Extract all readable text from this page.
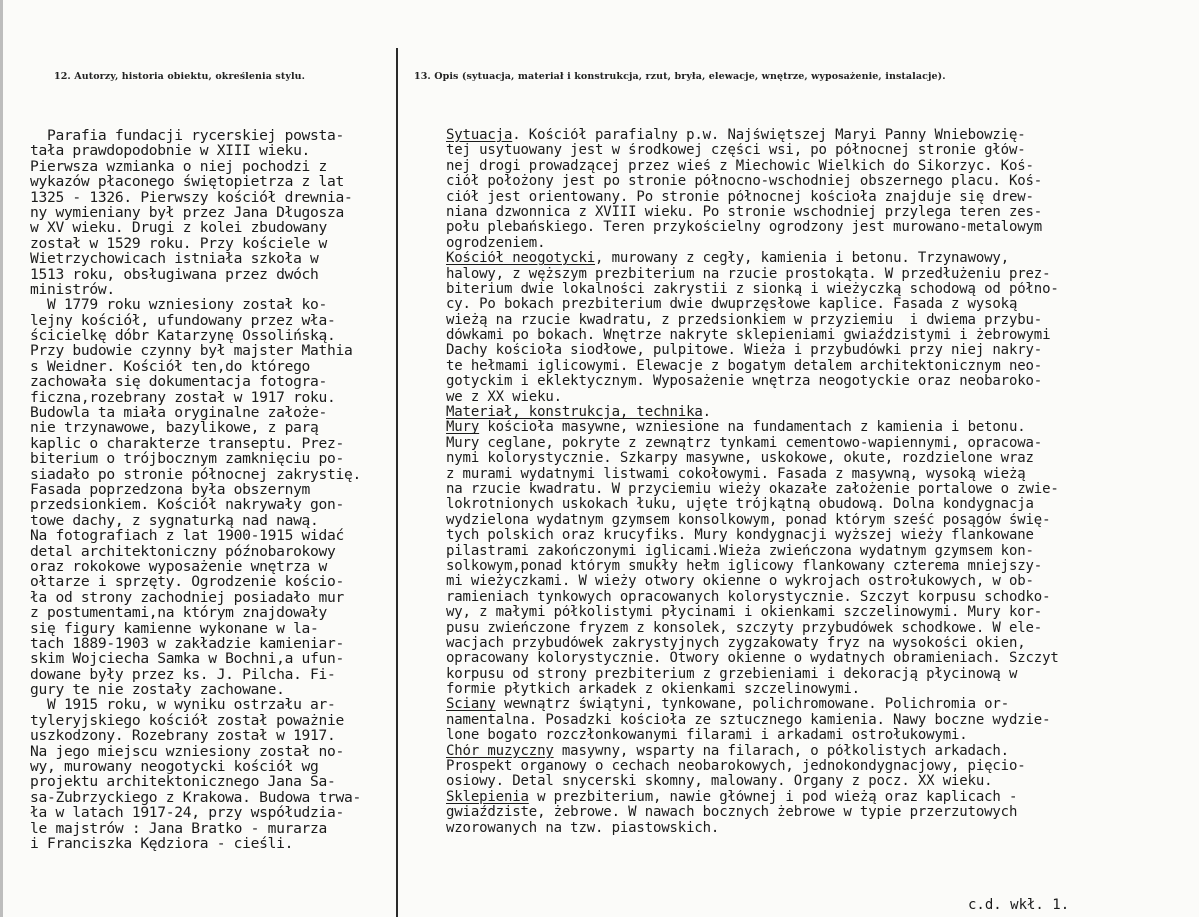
12. Autorzy, historia obiektu, określenia stylu.	13. Opis (sytuacja, materiał i konstrukcja, rzut, bryła, elewacje, wnętrze, wyposażenie, instalacje).
Parafia fundacji rycerskiej powsta-
tała prawdopodobnie w XIII wieku.
Pierwsza wzmianka o niej pochodzi z
wykazów płaconego świętopietrza z lat
1325 - 1326. Pierwszy kościół drewnia-
ny wymieniany był przez Jana Długosza
w XV wieku. Drugi z kolei zbudowany
został w 1529 roku. Przy kościele w
Wietrzychowicach istniała szkoła w
1513 roku, obsługiwana przez dwóch
ministrów.
W 1779 roku wzniesiony został ko-
lejny kościół, ufundowany przez wła-
ścicielkę dóbr Katarzynę Ossolińską.
Przy budowie czynny był majster Mathia
s Weidner. Kościół ten,do którego
zachowała się dokumentacja fotogra-
ficzna,rozebrany został w 1917 roku.
Budowla ta miała oryginalne założe-
nie trzynawowe, bazylikowe, z parą
kaplic o charakterze transeptu. Prez-
biterium o trójbocznym zamknięciu po-
siadało po stronie północnej zakrystię.
Fasada poprzedzona była obszernym
przedsionkiem. Kościół nakrywały gon-
towe dachy, z sygnaturką nad nawą.
Na fotografiach z lat 1900-1915 widać
detal architektoniczny późnobarokowy
oraz rokokowe wyposażenie wnętrza w
ołtarze i sprzęty. Ogrodzenie kościo-
ła od strony zachodniej posiadało mur
z postumentami,na którym znajdowały
się figury kamienne wykonane w la-
tach 1889-1903 w zakładzie kamieniar-
skim Wojciecha Samka w Bochni,a ufun-
dowane były przez ks. J. Pilcha. Fi-
gury te nie zostały zachowane.
W 1915 roku, w wyniku ostrzału ar-
tyleryjskiego kościół został poważnie
uszkodzony. Rozebrany został w 1917.
Na jego miejscu wzniesiony został no-
wy, murowany neogotycki kościół wg
projektu architektonicznego Jana Sa-
sa-Zubrzyckiego z Krakowa. Budowa trwa-
ła w latach 1917-24, przy współudzia-
le majstrów : Jana Bratko - murarza
i Franciszka Kędziora - cieśli.
Sytuacja. Kościół parafialny p.w. Najświętszej Maryi Panny Wniebowzię-
tej usytuowany jest w środkowej części wsi, po północnej stronie głów-
nej drogi prowadzącej przez wieś z Miechowic Wielkich do Sikorzyc. Koś-
ciół położony jest po stronie północno-wschodniej obszernego placu. Koś-
ciół jest orientowany. Po stronie północnej kościoła znajduje się drew-
niana dzwonnica z XVIII wieku. Po stronie wschodniej przylega teren zes-
połu plebańskiego. Teren przykościelny ogrodzony jest murowano-metalowym
ogrodzeniem.
Kościół neogotycki, murowany z cegły, kamienia i betonu. Trzynawowy,
halowy, z węższym prezbiterium na rzucie prostokąta. W przedłużeniu prez-
biterium dwie lokalności zakrystii z sionką i wieżyczką schodową od półno-
cy. Po bokach prezbiterium dwie dwuprzęsłowe kaplice. Fasada z wysoką
wieżą na rzucie kwadratu, z przedsionkiem w przyziemiu  i dwiema przybu-
dówkami po bokach. Wnętrze nakryte sklepieniami gwiaździstymi i żebrowymi
Dachy kościoła siodłowe, pulpitowe. Wieża i przybudówki przy niej nakry-
te hełmami iglicowymi. Elewacje z bogatym detalem architektonicznym neo-
gotyckim i eklektycznym. Wyposażenie wnętrza neogotyckie oraz neobaroko-
we z XX wieku.
Materiał, konstrukcja, technika.
Mury kościoła masywne, wzniesione na fundamentach z kamienia i betonu.
Mury ceglane, pokryte z zewnątrz tynkami cementowo-wapiennymi, opracowa-
nymi kolorystycznie. Szkarpy masywne, uskokowe, okute, rozdzielone wraz
z murami wydatnymi listwami cokołowymi. Fasada z masywną, wysoką wieżą
na rzucie kwadratu. W przyciemiu wieży okazałe założenie portalowe o zwie-
lokrotnionych uskokach łuku, ujęte trójkątną obudową. Dolna kondygnacja
wydzielona wydatnym gzymsem konsolkowym, ponad którym sześć posągów świę-
tych polskich oraz krucyfiks. Mury kondygnacji wyższej wieży flankowane
pilastrami zakończonymi iglicami.Wieża zwieńczona wydatnym gzymsem kon-
solkowym,ponad którym smukły hełm iglicowy flankowany czterema mniejszy-
mi wieżyczkami. W wieży otwory okienne o wykrojach ostrołukowych, w ob-
ramieniach tynkowych opracowanych kolorystycznie. Szczyt korpusu schodko-
wy, z małymi półkolistymi płycinami i okienkami szczelinowymi. Mury kor-
pusu zwieńczone fryzem z konsolek, szczyty przybudówek schodkowe. W ele-
wacjach przybudówek zakrystyjnych zygzakowaty fryz na wysokości okien,
opracowany kolorystycznie. Otwory okienne o wydatnych obramieniach. Szczyt
korpusu od strony prezbiterium z grzebieniami i dekoracją płycinową w
formie płytkich arkadek z okienkami szczelinowymi.
Ściany wewnątrz świątyni, tynkowane, polichromowane. Polichromia or-
namentalna. Posadzki kościoła ze sztucznego kamienia. Nawy boczne wydzie-
lone bogato rozczłonkowanymi filarami i arkadami ostrołukowymi.
Chór muzyczny masywny, wsparty na filarach, o półkolistych arkadach.
Prospekt organowy o cechach neobarokowych, jednokondygnacjowy, pięcio-
osiowy. Detal snycerski skomny, malowany. Organy z pocz. XX wieku.
Sklepienia w prezbiterium, nawie głównej i pod wieżą oraz kaplicach -
gwiaździste, żebrowe. W nawach bocznych żebrowe w typie przerzutowych
wzorowanych na tzw. piastowskich.
c.d. wkł. 1.
